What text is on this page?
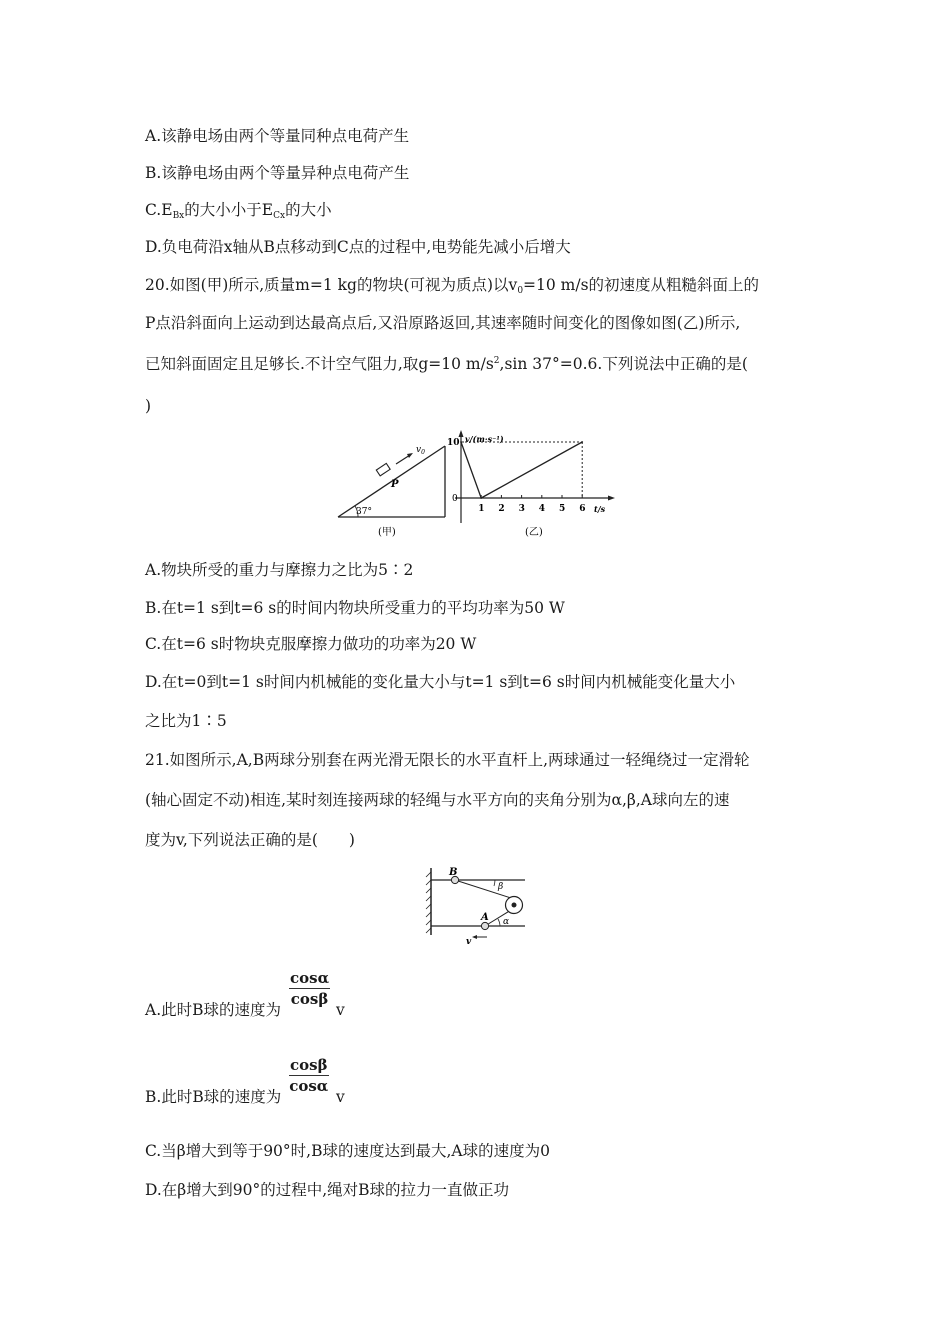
A.该静电场由两个等量同种点电荷产生
B.该静电场由两个等量异种点电荷产生
$C.E_{Bx}$的大小小于$E_{Cx}$的大小
D.负电荷沿x轴从B点移动到C点的过程中,电势能先减小后增大
20.如图(甲)所示,质量m=1 kg的物块(可视为质点)以$v_0=10$ m/s的初速度从粗糙斜面上的
P点沿斜面向上运动到达最高点后,又沿原路返回,其速率随时间变化的图像如图(乙)所示,
已知斜面固定且足够长.不计空气阻力,取g=10 $m/s^2,\sin$ 37°=0.6.下列说法中正确的是(
)
$v_0$
P
37°
(甲)
v/(m·s⁻¹)
t/s
0
1 2 3 4 5 6
10
(乙)
A.物块所受的重力与摩擦力之比为5∶2
B.在t=1 s到t=6 s的时间内物块所受重力的平均功率为50 W
C.在t=6 s时物块克服摩擦力做功的功率为20 W
D.在t=0到t=1 s时间内机械能的变化量大小与t=1 s到t=6 s时间内机械能变化量大小
之比为1∶5
21.如图所示,A,B两球分别套在两光滑无限长的水平直杆上,两球通过一轻绳绕过一定滑轮
(轴心固定不动)相连,某时刻连接两球的轻绳与水平方向的夹角分别为α,β,A球向左的速
度为v,下列说法正确的是(　　)
B
A
β
α
v
A.此时B球的速度为
$\frac{\cos\alpha}{\cos\beta}$
v
B.此时B球的速度为
$\frac{\cos\beta}{\cos\alpha}$
v
C.当β增大到等于90°时,B球的速度达到最大,A球的速度为0
D.在β增大到90°的过程中,绳对B球的拉力一直做正功
